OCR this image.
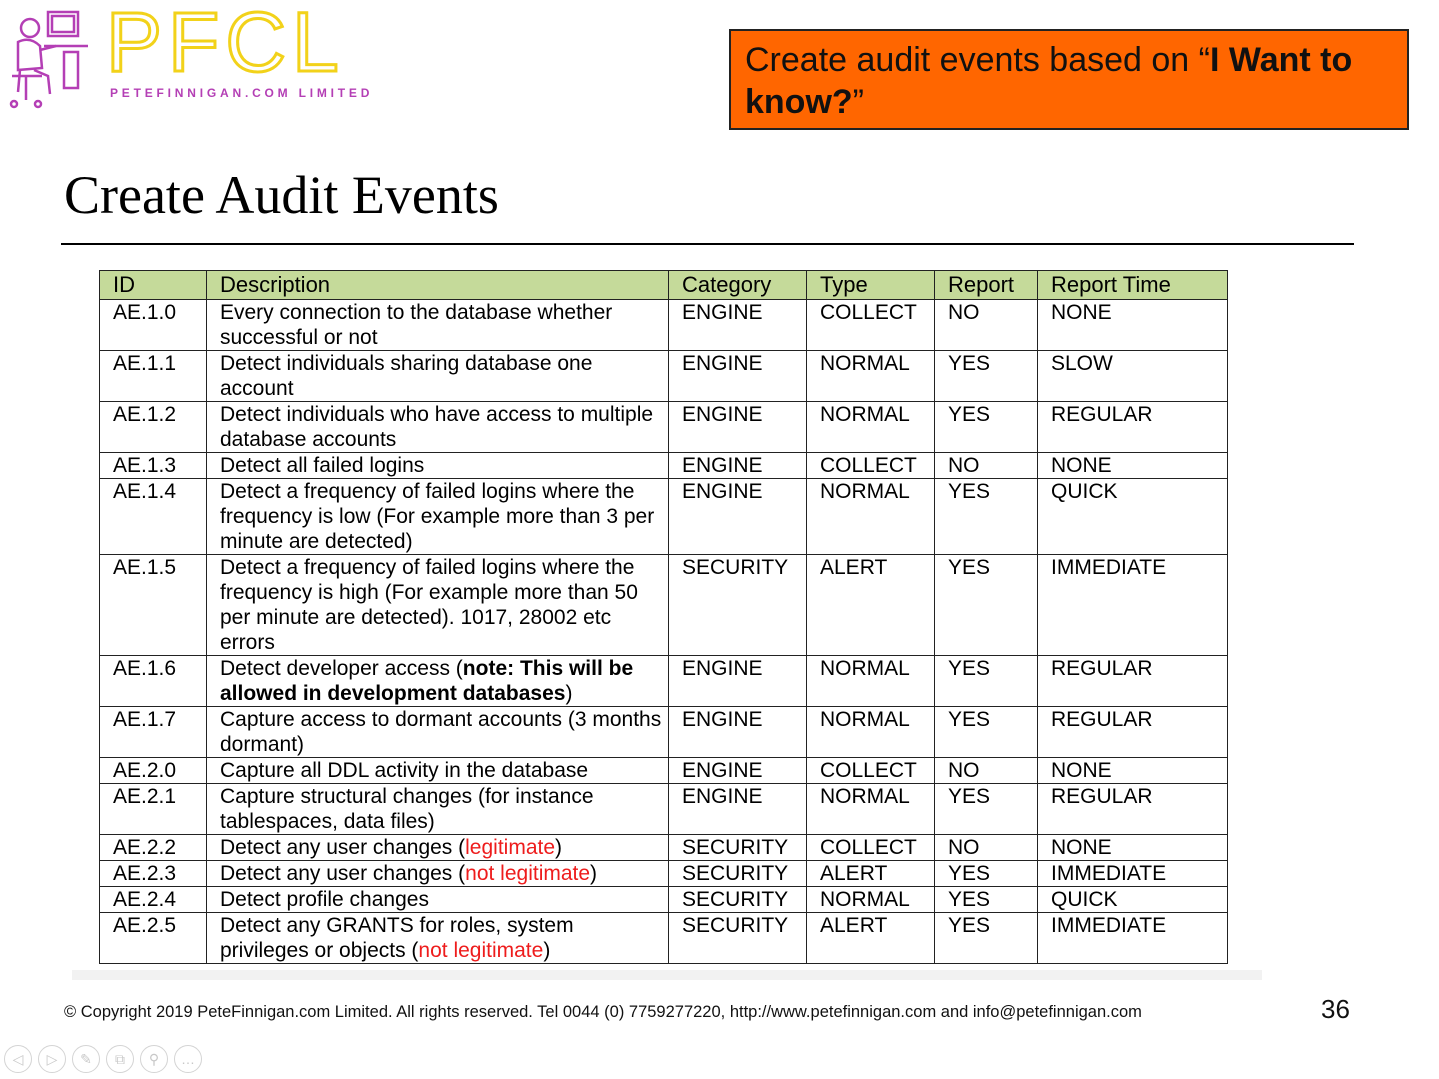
PFCL
PETEFINNIGAN.COM LIMITED
Create audit events based on “I Want to know?”
Create Audit Events
ID	Description	Category	Type	Report	Report Time
AE.1.0	Every connection to the database whether successful or not	ENGINE	COLLECT	NO	NONE
AE.1.1	Detect individuals sharing database one account	ENGINE	NORMAL	YES	SLOW
AE.1.2	Detect individuals who have access to multiple database accounts	ENGINE	NORMAL	YES	REGULAR
AE.1.3	Detect all failed logins	ENGINE	COLLECT	NO	NONE
AE.1.4	Detect a frequency of failed logins where the frequency is low (For example more than 3 per minute are detected)	ENGINE	NORMAL	YES	QUICK
AE.1.5	Detect a frequency of failed logins where the frequency is high (For example more than 50 per minute are detected). 1017, 28002 etc errors	SECURITY	ALERT	YES	IMMEDIATE
AE.1.6	Detect developer access (note: This will be allowed in development databases)	ENGINE	NORMAL	YES	REGULAR
AE.1.7	Capture access to dormant accounts (3 months dormant)	ENGINE	NORMAL	YES	REGULAR
AE.2.0	Capture all DDL activity in the database	ENGINE	COLLECT	NO	NONE
AE.2.1	Capture structural changes (for instance tablespaces, data files)	ENGINE	NORMAL	YES	REGULAR
AE.2.2	Detect any user changes (legitimate)	SECURITY	COLLECT	NO	NONE
AE.2.3	Detect any user changes (not legitimate)	SECURITY	ALERT	YES	IMMEDIATE
AE.2.4	Detect profile changes	SECURITY	NORMAL	YES	QUICK
AE.2.5	Detect any GRANTS for roles, system privileges or objects (not legitimate)	SECURITY	ALERT	YES	IMMEDIATE
© Copyright 2019 PeteFinnigan.com Limited. All rights reserved. Tel 0044 (0) 7759277220, http://www.petefinnigan.com and info@petefinnigan.com	36
◁	▷	✎	⧉	⚲	…
